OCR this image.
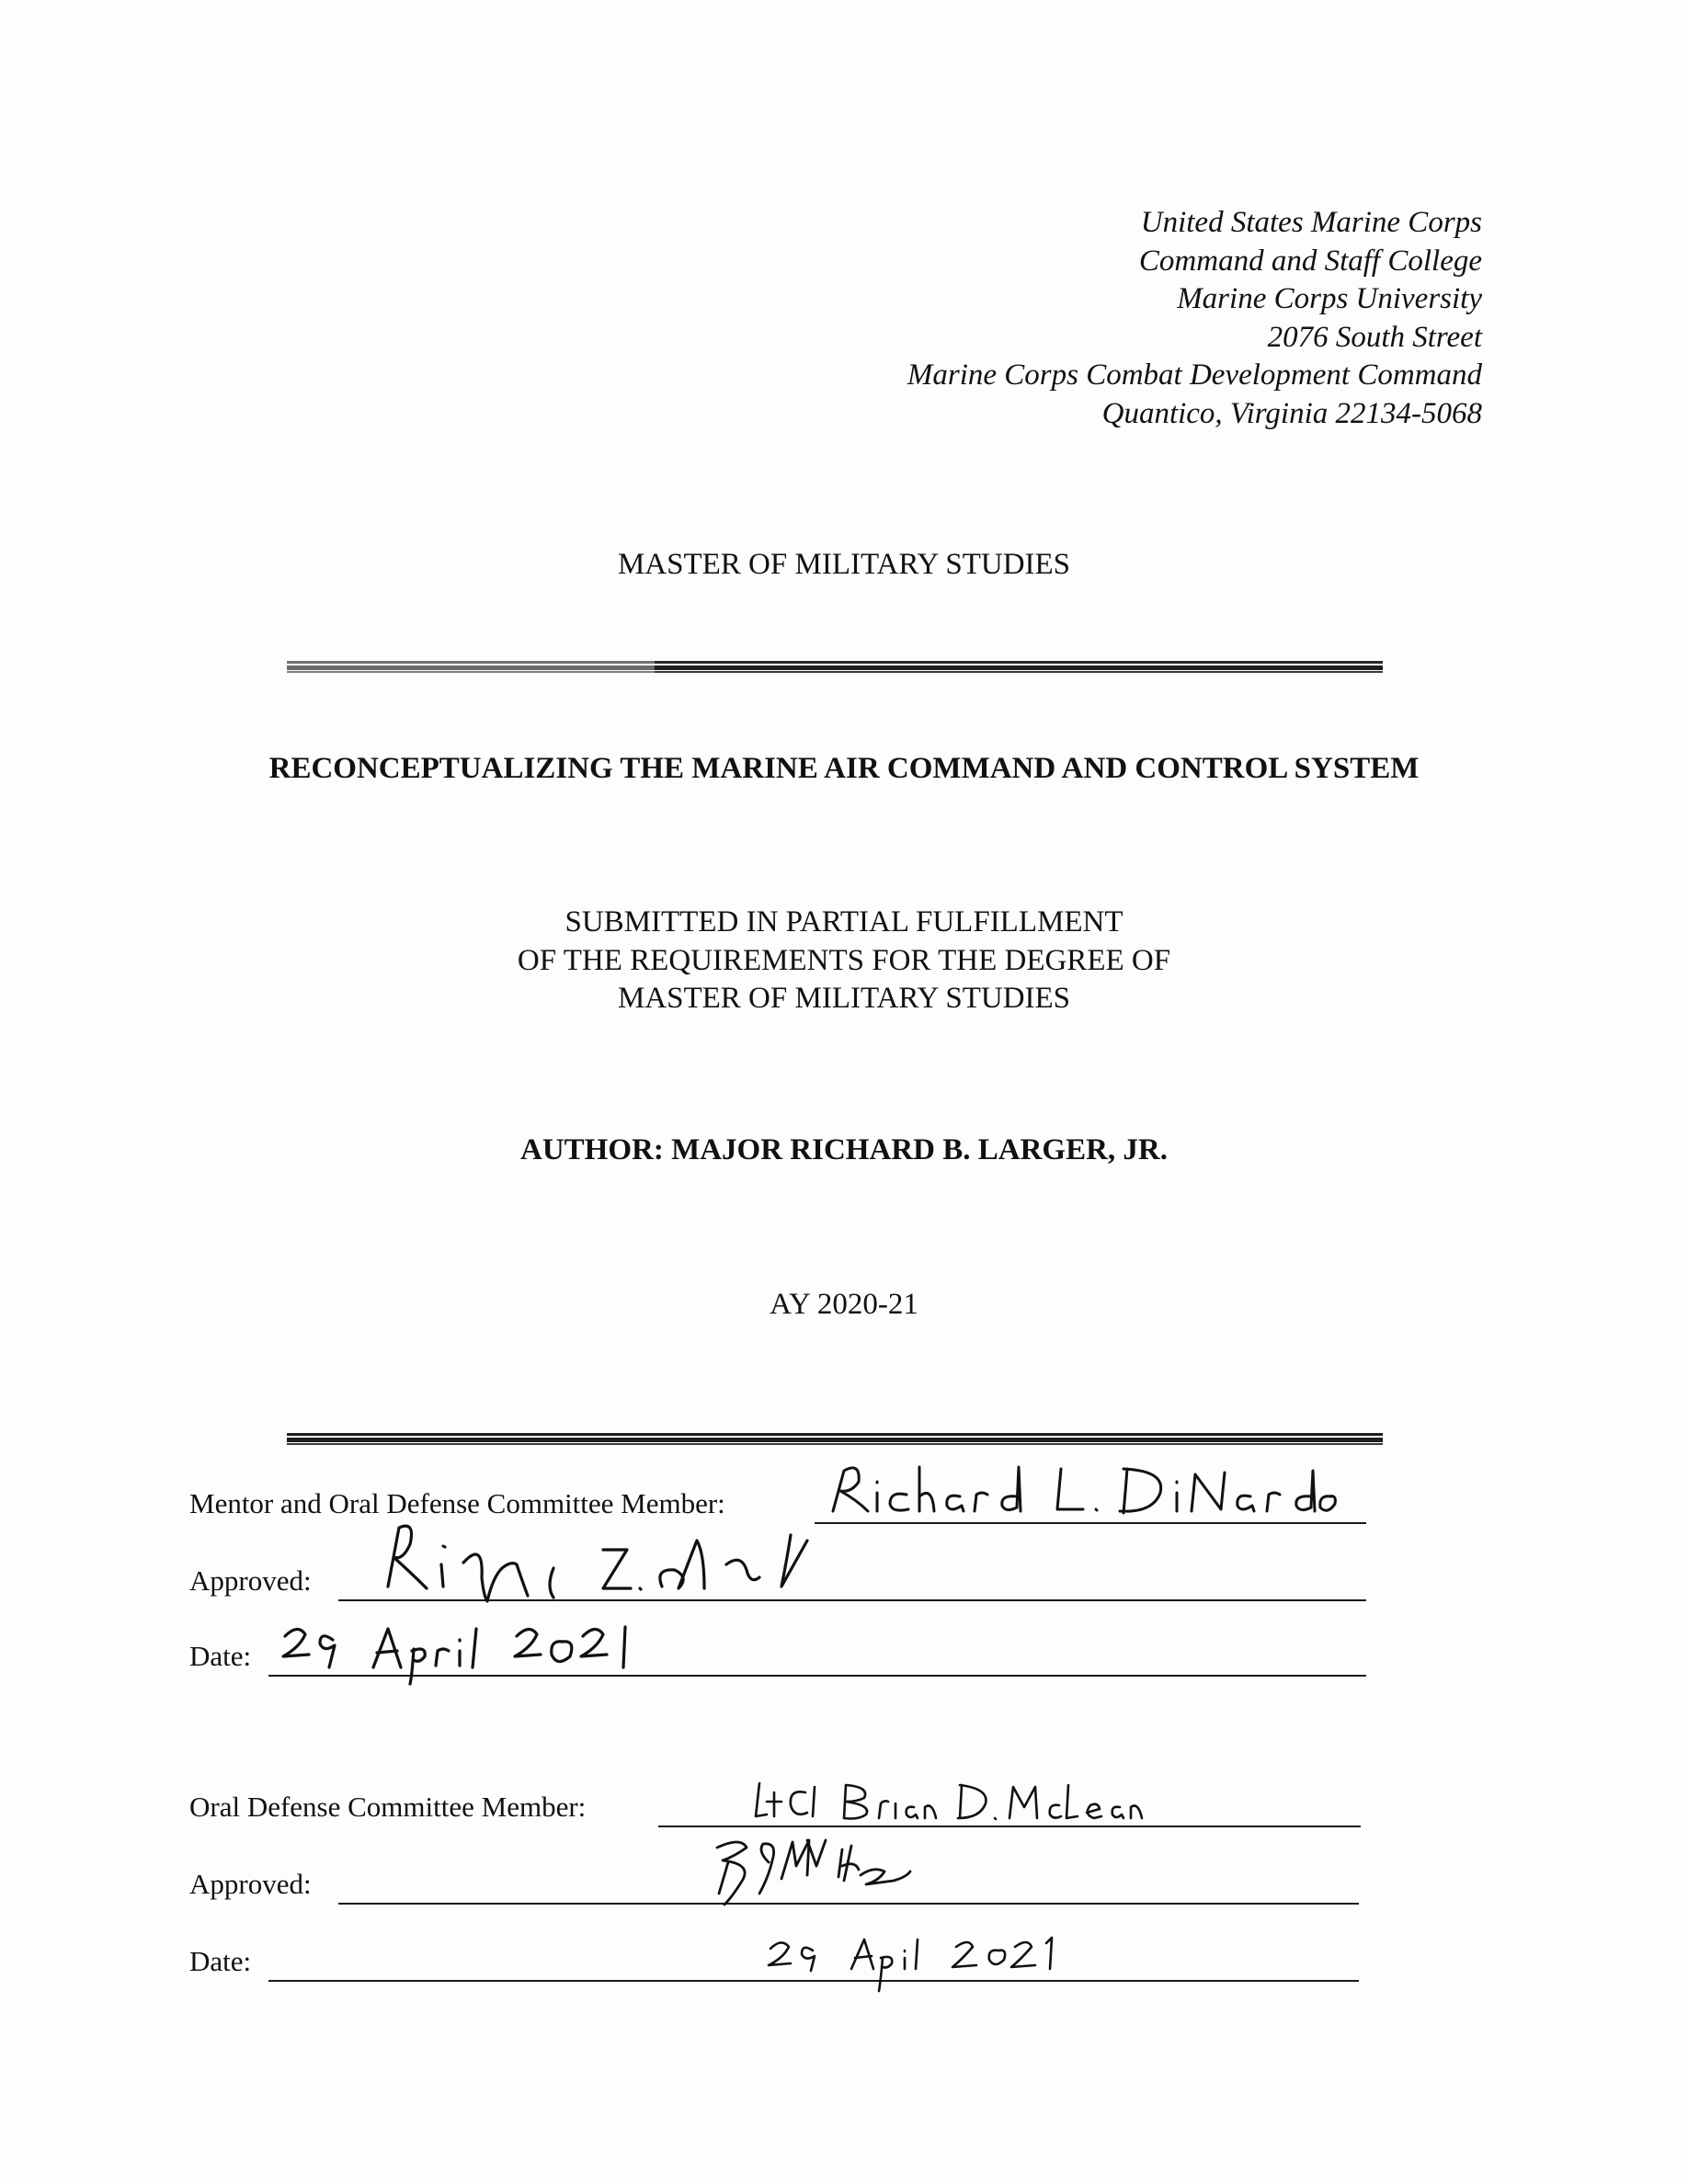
United States Marine Corps
Command and Staff College
Marine Corps University
2076 South Street
Marine Corps Combat Development Command
Quantico, Virginia 22134-5068
MASTER OF MILITARY STUDIES
RECONCEPTUALIZING THE MARINE AIR COMMAND AND CONTROL SYSTEM
SUBMITTED IN PARTIAL FULFILLMENT
OF THE REQUIREMENTS FOR THE DEGREE OF
MASTER OF MILITARY STUDIES
AUTHOR: MAJOR RICHARD B. LARGER, JR.
AY 2020-21
Mentor and Oral Defense Committee Member:
Approved:
Date:
Oral Defense Committee Member:
Approved:
Date:
